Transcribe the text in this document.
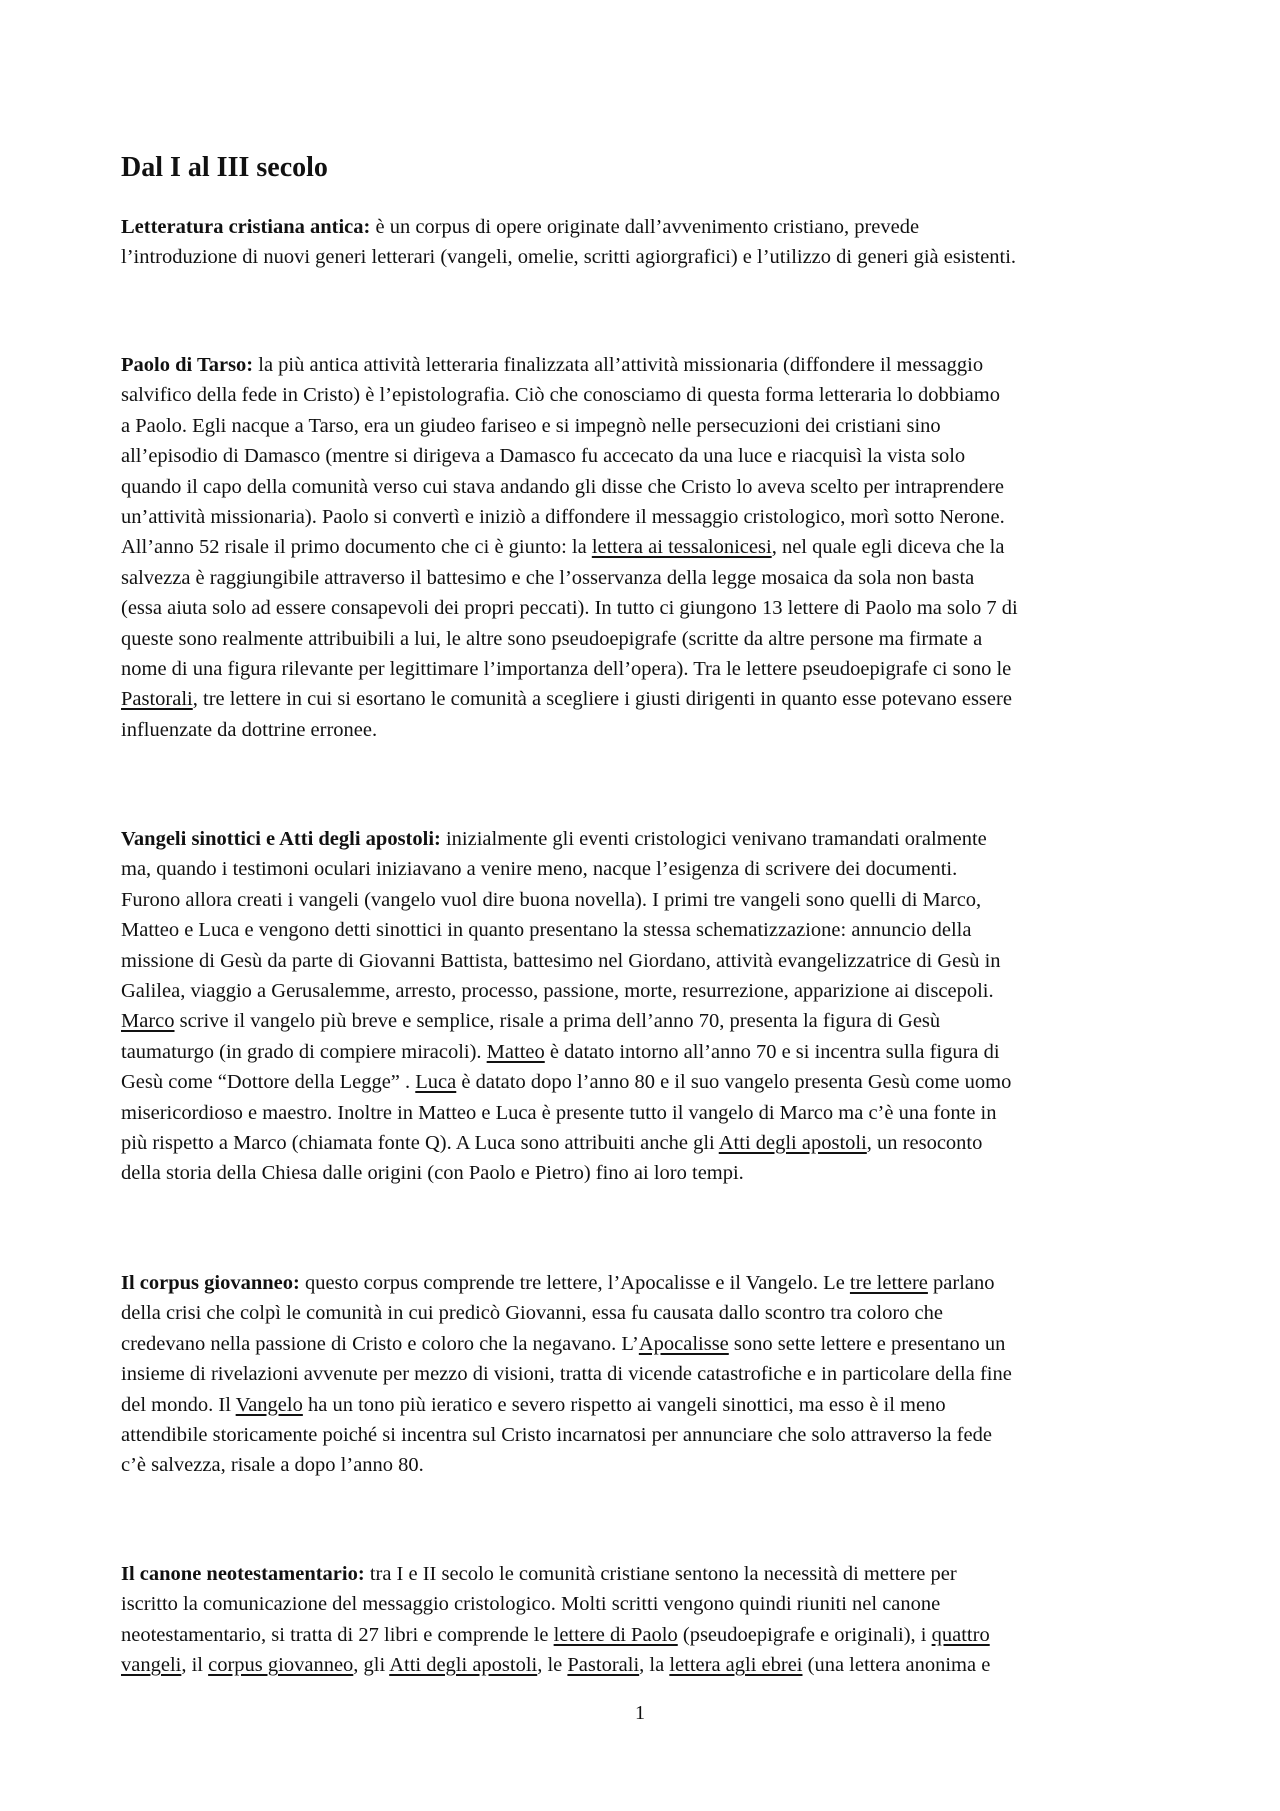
Dal I al III secolo
Letteratura cristiana antica: è un corpus di opere originate dall’avvenimento cristiano, prevede
l’introduzione di nuovi generi letterari (vangeli, omelie, scritti agiorgrafici) e l’utilizzo di generi già esistenti.
Paolo di Tarso: la più antica attività letteraria finalizzata all’attività missionaria (diffondere il messaggio
salvifico della fede in Cristo) è l’epistolografia. Ciò che conosciamo di questa forma letteraria lo dobbiamo
a Paolo. Egli nacque a Tarso, era un giudeo fariseo e si impegnò nelle persecuzioni dei cristiani sino
all’episodio di Damasco (mentre si dirigeva a Damasco fu accecato da una luce e riacquisì la vista solo
quando il capo della comunità verso cui stava andando gli disse che Cristo lo aveva scelto per intraprendere
un’attività missionaria). Paolo si convertì e iniziò a diffondere il messaggio cristologico, morì sotto Nerone.
All’anno 52 risale il primo documento che ci è giunto: la lettera ai tessalonicesi, nel quale egli diceva che la
salvezza è raggiungibile attraverso il battesimo e che l’osservanza della legge mosaica da sola non basta
(essa aiuta solo ad essere consapevoli dei propri peccati). In tutto ci giungono 13 lettere di Paolo ma solo 7 di
queste sono realmente attribuibili a lui, le altre sono pseudoepigrafe (scritte da altre persone ma firmate a
nome di una figura rilevante per legittimare l’importanza dell’opera). Tra le lettere pseudoepigrafe ci sono le
Pastorali, tre lettere in cui si esortano le comunità a scegliere i giusti dirigenti in quanto esse potevano essere
influenzate da dottrine erronee.
Vangeli sinottici e Atti degli apostoli: inizialmente gli eventi cristologici venivano tramandati oralmente
ma, quando i testimoni oculari iniziavano a venire meno, nacque l’esigenza di scrivere dei documenti.
Furono allora creati i vangeli (vangelo vuol dire buona novella). I primi tre vangeli sono quelli di Marco,
Matteo e Luca e vengono detti sinottici in quanto presentano la stessa schematizzazione: annuncio della
missione di Gesù da parte di Giovanni Battista, battesimo nel Giordano, attività evangelizzatrice di Gesù in
Galilea, viaggio a Gerusalemme, arresto, processo, passione, morte, resurrezione, apparizione ai discepoli.
Marco scrive il vangelo più breve e semplice, risale a prima dell’anno 70, presenta la figura di Gesù
taumaturgo (in grado di compiere miracoli). Matteo è datato intorno all’anno 70 e si incentra sulla figura di
Gesù come “Dottore della Legge” . Luca è datato dopo l’anno 80 e il suo vangelo presenta Gesù come uomo
misericordioso e maestro. Inoltre in Matteo e Luca è presente tutto il vangelo di Marco ma c’è una fonte in
più rispetto a Marco (chiamata fonte Q). A Luca sono attribuiti anche gli Atti degli apostoli, un resoconto
della storia della Chiesa dalle origini (con Paolo e Pietro) fino ai loro tempi.
Il corpus giovanneo: questo corpus comprende tre lettere, l’Apocalisse e il Vangelo. Le tre lettere parlano
della crisi che colpì le comunità in cui predicò Giovanni, essa fu causata dallo scontro tra coloro che
credevano nella passione di Cristo e coloro che la negavano. L’Apocalisse sono sette lettere e presentano un
insieme di rivelazioni avvenute per mezzo di visioni, tratta di vicende catastrofiche e in particolare della fine
del mondo. Il Vangelo ha un tono più ieratico e severo rispetto ai vangeli sinottici, ma esso è il meno
attendibile storicamente poiché si incentra sul Cristo incarnatosi per annunciare che solo attraverso la fede
c’è salvezza, risale a dopo l’anno 80.
Il canone neotestamentario: tra I e II secolo le comunità cristiane sentono la necessità di mettere per
iscritto la comunicazione del messaggio cristologico. Molti scritti vengono quindi riuniti nel canone
neotestamentario, si tratta di 27 libri e comprende le lettere di Paolo (pseudoepigrafe e originali), i quattro
vangeli, il corpus giovanneo, gli Atti degli apostoli, le Pastorali, la lettera agli ebrei (una lettera anonima e
1
